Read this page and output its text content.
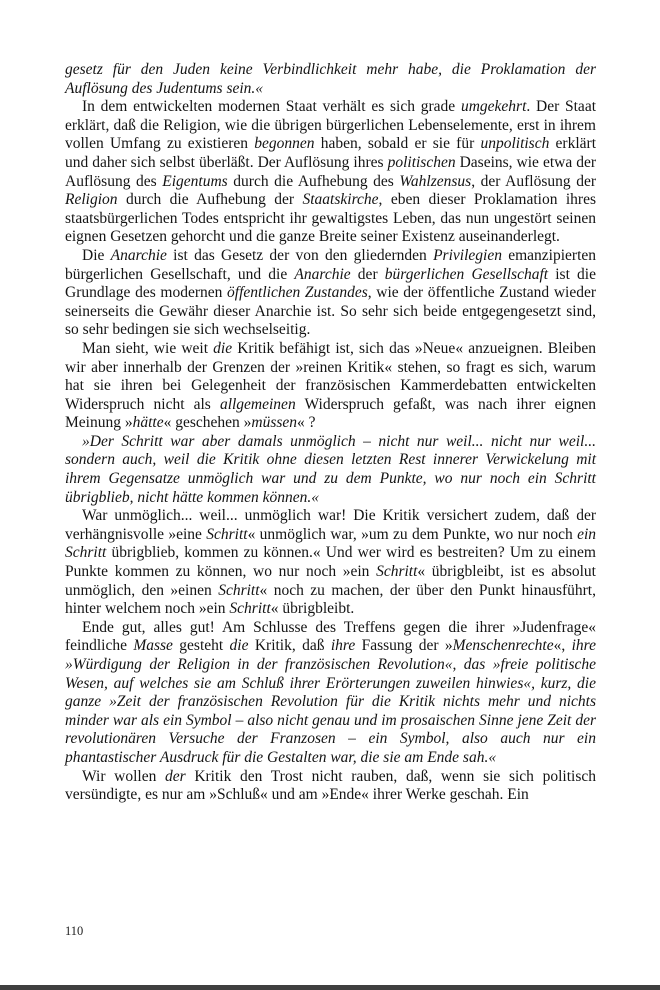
gesetz für den Juden keine Verbindlichkeit mehr habe, die Proklamation der Auflösung des Judentums sein.«

In dem entwickelten modernen Staat verhält es sich grade umgekehrt. Der Staat erklärt, daß die Religion, wie die übrigen bürgerlichen Lebenselemente, erst in ihrem vollen Umfang zu existieren begonnen haben, sobald er sie für unpolitisch erklärt und daher sich selbst überläßt. Der Auflösung ihres politischen Daseins, wie etwa der Auflösung des Eigentums durch die Aufhebung des Wahlzensus, der Auflösung der Religion durch die Aufhebung der Staatskirche, eben dieser Proklamation ihres staatsbürgerlichen Todes entspricht ihr gewaltigstes Leben, das nun ungestört seinen eignen Gesetzen gehorcht und die ganze Breite seiner Existenz auseinanderlegt.

Die Anarchie ist das Gesetz der von den gliedernden Privilegien emanzipierten bürgerlichen Gesellschaft, und die Anarchie der bürgerlichen Gesellschaft ist die Grundlage des modernen öffentlichen Zustandes, wie der öffentliche Zustand wieder seinerseits die Gewähr dieser Anarchie ist. So sehr sich beide entgegengesetzt sind, so sehr bedingen sie sich wechselseitig.

Man sieht, wie weit die Kritik befähigt ist, sich das »Neue« anzueignen. Bleiben wir aber innerhalb der Grenzen der »reinen Kritik« stehen, so fragt es sich, warum hat sie ihren bei Gelegenheit der französischen Kammerdebatten entwickelten Widerspruch nicht als allgemeinen Widerspruch gefaßt, was nach ihrer eignen Meinung »hätte« geschehen »müssen« ?

»Der Schritt war aber damals unmöglich – nicht nur weil... nicht nur weil... sondern auch, weil die Kritik ohne diesen letzten Rest innerer Verwickelung mit ihrem Gegensatze unmöglich war und zu dem Punkte, wo nur noch ein Schritt übrigblieb, nicht hätte kommen können.«

War unmöglich... weil... unmöglich war! Die Kritik versichert zudem, daß der verhängnisvolle »eine Schritt« unmöglich war, »um zu dem Punkte, wo nur noch ein Schritt übrigblieb, kommen zu können.« Und wer wird es bestreiten? Um zu einem Punkte kommen zu können, wo nur noch »ein Schritt« übrigbleibt, ist es absolut unmöglich, den »einen Schritt« noch zu machen, der über den Punkt hinausführt, hinter welchem noch »ein Schritt« übrigbleibt.

Ende gut, alles gut! Am Schlusse des Treffens gegen die ihrer »Judenfrage« feindliche Masse gesteht die Kritik, daß ihre Fassung der »Menschenrechte«, ihre »Würdigung der Religion in der französischen Revolution«, das »freie politische Wesen, auf welches sie am Schluß ihrer Erörterungen zuweilen hinwies«, kurz, die ganze »Zeit der französischen Revolution für die Kritik nichts mehr und nichts minder war als ein Symbol – also nicht genau und im prosaischen Sinne jene Zeit der revolutionären Versuche der Franzosen – ein Symbol, also auch nur ein phantastischer Ausdruck für die Gestalten war, die sie am Ende sah.«

Wir wollen der Kritik den Trost nicht rauben, daß, wenn sie sich politisch versündigte, es nur am »Schluß« und am »Ende« ihrer Werke geschah. Ein

110
